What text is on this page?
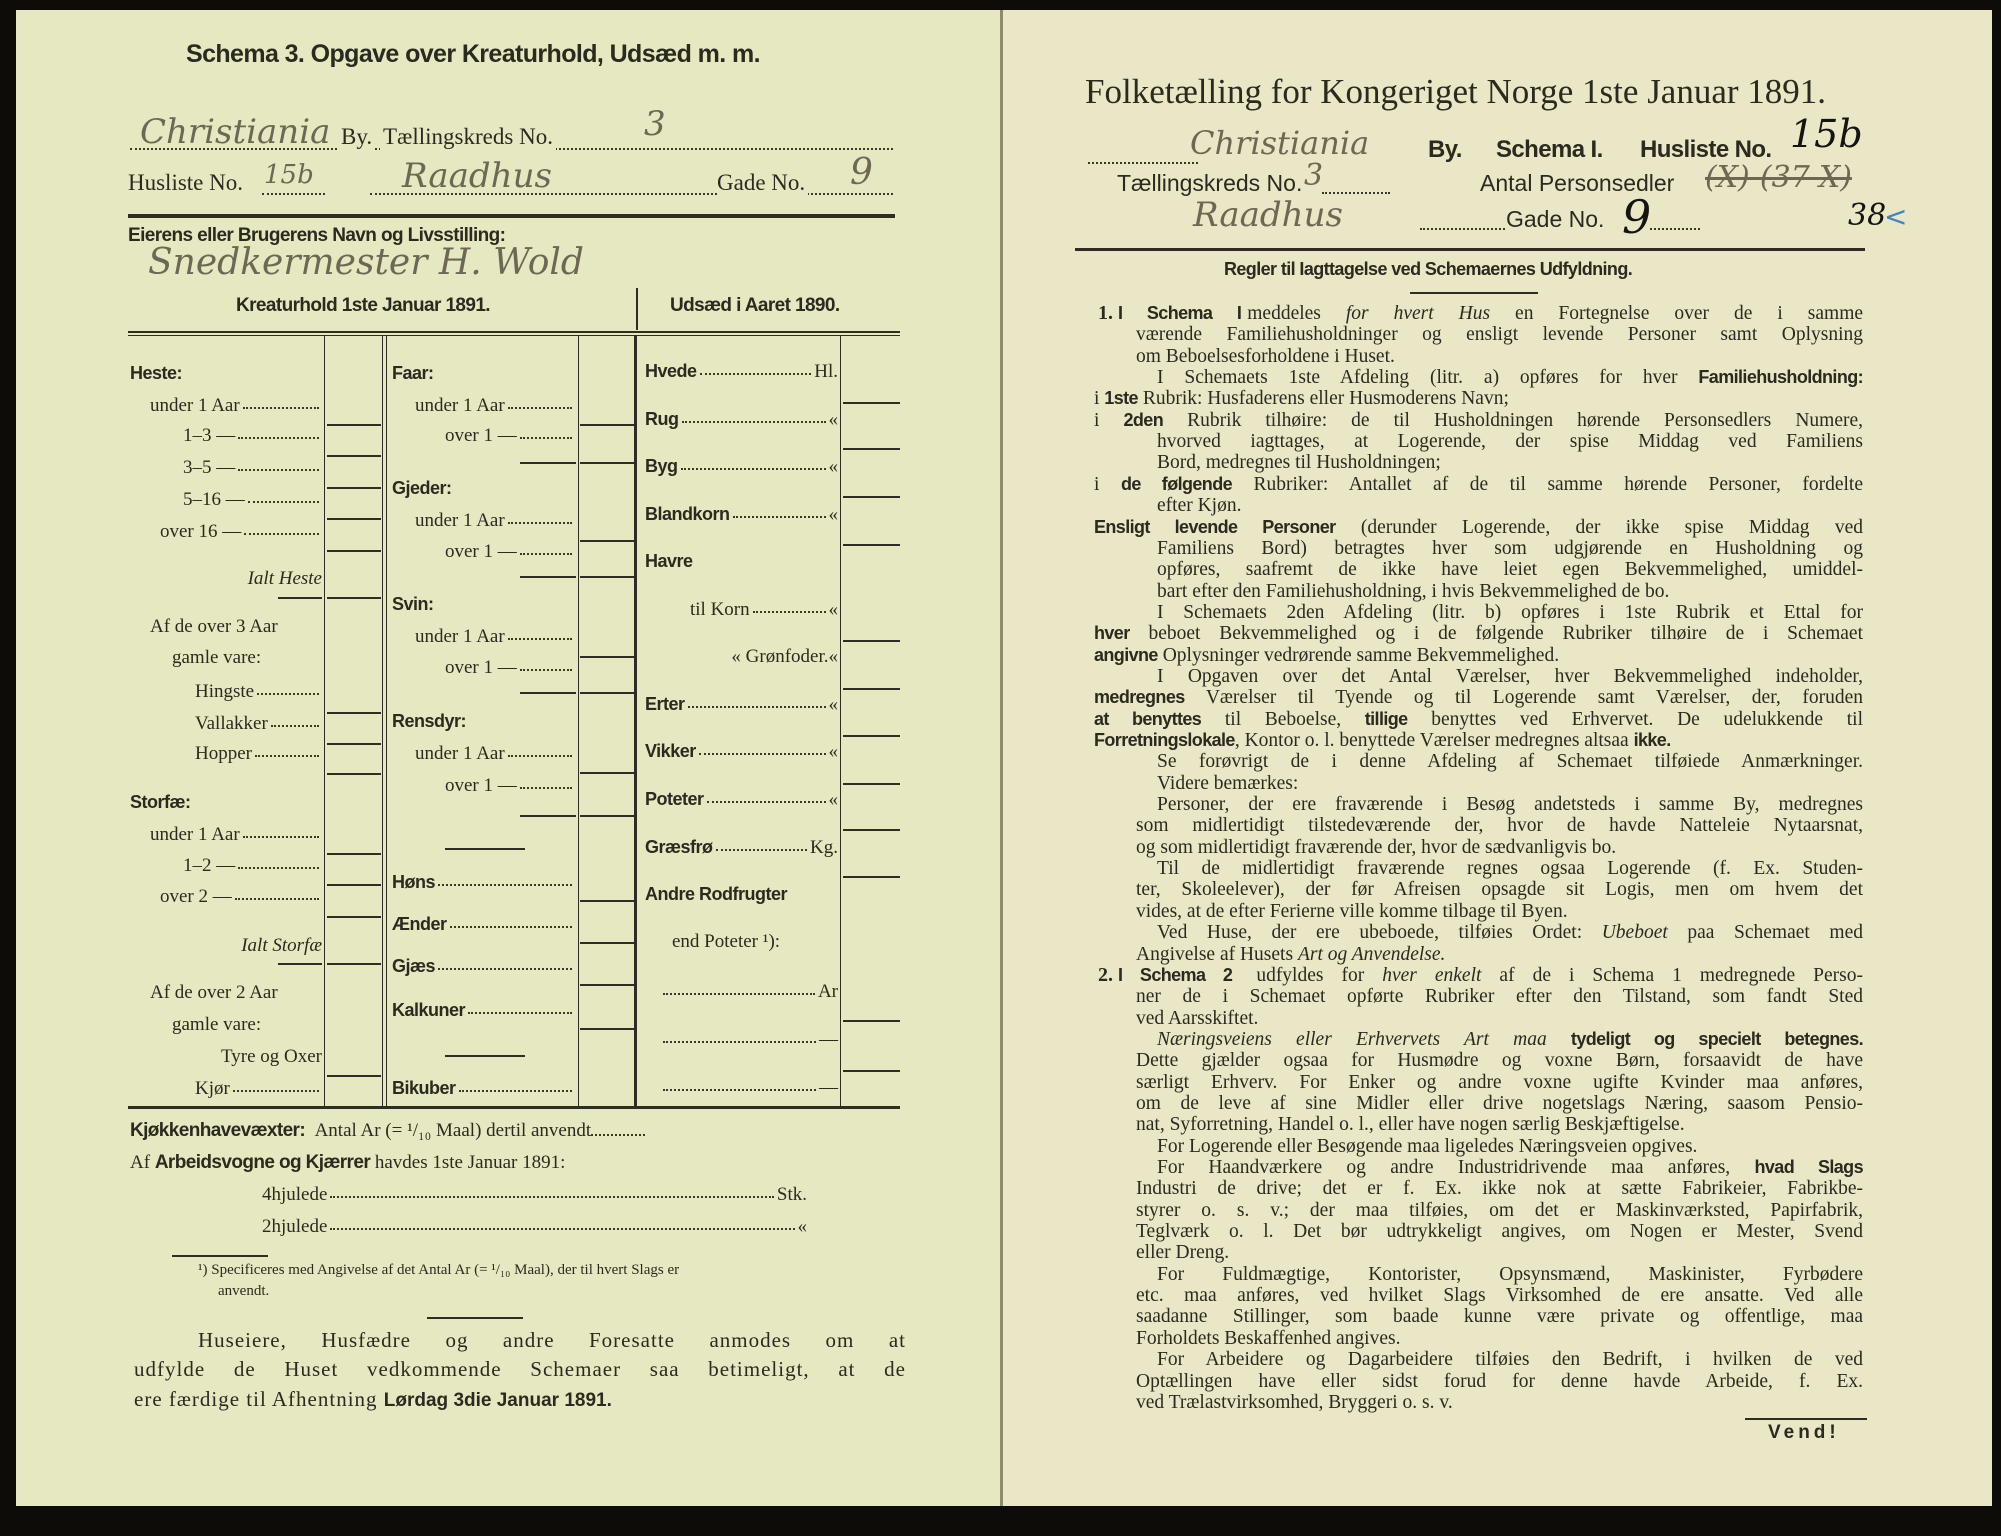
Schema 3. Opgave over Kreaturhold, Udsæd m. m.
Christiania By. Tællingskreds No.	3
Husliste No. 15b	Raadhus	Gade No. 9
Eierens eller Brugerens Navn og Livsstilling:
Snedkermester H. Wold
Kreaturhold 1ste Januar 1891.	Udsæd i Aaret 1890.
Heste:
under 1 Aar
1–3 —
3–5 —
5–16 —
over 16 —
Ialt Heste
Af de over 3 Aar
gamle vare:
Hingste
Vallakker
Hopper
Storfæ:
under 1 Aar
1–2 —
over 2 —
Ialt Storfæ
Af de over 2 Aar
gamle vare:
Tyre og Oxer
Kjør
Faar:
under 1 Aar
over 1 —
Gjeder:
under 1 Aar
over 1 —
Svin:
under 1 Aar
over 1 —
Rensdyr:
under 1 Aar
over 1 —
Høns
Ænder
Gjæs
Kalkuner
Bikuber
Hvede	Hl.
Rug	«
Byg	«
Blandkorn	«
Havre
til Korn	«
« Grønfoder. «
Erter	«
Vikker	«
Poteter	«
Græsfrø	Kg.
Andre Rodfrugter
end Poteter ¹):
Ar
—
—
Kjøkkenhavevæxter: Antal Ar (= ¹/₁₀ Maal) dertil anvendt
Af Arbeidsvogne og Kjærrer havdes 1ste Januar 1891:
4hjulede	Stk.
2hjulede	«
¹) Specificeres med Angivelse af det Antal Ar (= ¹/₁₀ Maal), der til hvert Slags er
anvendt.
Huseiere, Husfædre og andre Foresatte anmodes om at
udfylde de Huset vedkommende Schemaer saa betimeligt, at de
ere færdige til Afhentning Lørdag 3die Januar 1891.
Folketælling for Kongeriget Norge 1ste Januar 1891.
Christiania By. Schema I. Husliste No. 15b
Tællingskreds No. 3	Antal Personsedler (X)-(37-X)
Raadhus	Gade No. 9	38
<
Regler til Iagttagelse ved Schemaernes Udfyldning.
I Schema I meddeles for hvert Hus en Fortegnelse over de i samme
1.
værende Familiehusholdninger og ensligt levende Personer samt Oplysning
om Beboelsesforholdene i Huset.
I Schemaets 1ste Afdeling (litr. a) opføres for hver Familiehusholdning:
i 1ste Rubrik: Husfaderens eller Husmoderens Navn;
i 2den Rubrik tilhøire: de til Husholdningen hørende Personsedlers Numere,
hvorved iagttages, at Logerende, der spise Middag ved Familiens
Bord, medregnes til Husholdningen;
i de følgende Rubriker: Antallet af de til samme hørende Personer, fordelte
efter Kjøn.
Ensligt levende Personer (derunder Logerende, der ikke spise Middag ved
Familiens Bord) betragtes hver som udgjørende en Husholdning og
opføres, saafremt de ikke have leiet egen Bekvemmelighed, umiddel-
bart efter den Familiehusholdning, i hvis Bekvemmelighed de bo.
I Schemaets 2den Afdeling (litr. b) opføres i 1ste Rubrik et Ettal for
hver beboet Bekvemmelighed og i de følgende Rubriker tilhøire de i Schemaet
angivne Oplysninger vedrørende samme Bekvemmelighed.
I Opgaven over det Antal Værelser, hver Bekvemmelighed indeholder,
medregnes Værelser til Tyende og til Logerende samt Værelser, der, foruden
at benyttes til Beboelse, tillige benyttes ved Erhvervet. De udelukkende til
Forretningslokale, Kontor o. l. benyttede Værelser medregnes altsaa ikke.
Se forøvrigt de i denne Afdeling af Schemaet tilføiede Anmærkninger.
Videre bemærkes:
Personer, der ere fraværende i Besøg andetsteds i samme By, medregnes
som midlertidigt tilstedeværende der, hvor de havde Natteleie Nytaarsnat,
og som midlertidigt fraværende der, hvor de sædvanligvis bo.
Til de midlertidigt fraværende regnes ogsaa Logerende (f. Ex. Studen-
ter, Skoleelever), der før Afreisen opsagde sit Logis, men om hvem det
vides, at de efter Ferierne ville komme tilbage til Byen.
Ved Huse, der ere ubeboede, tilføies Ordet: Ubeboet paa Schemaet med
Angivelse af Husets Art og Anvendelse.
I Schema 2 udfyldes for hver enkelt af de i Schema 1 medregnede Perso-
2.
ner de i Schemaet opførte Rubriker efter den Tilstand, som fandt Sted
ved Aarsskiftet.
Næringsveiens eller Erhvervets Art maa tydeligt og specielt betegnes.
Dette gjælder ogsaa for Husmødre og voxne Børn, forsaavidt de have
særligt Erhverv. For Enker og andre voxne ugifte Kvinder maa anføres,
om de leve af sine Midler eller drive nogetslags Næring, saasom Pensio-
nat, Syforretning, Handel o. l., eller have nogen særlig Beskjæftigelse.
For Logerende eller Besøgende maa ligeledes Næringsveien opgives.
For Haandværkere og andre Industridrivende maa anføres, hvad Slags
Industri de drive; det er f. Ex. ikke nok at sætte Fabrikeier, Fabrikbe-
styrer o. s. v.; der maa tilføies, om det er Maskinværksted, Papirfabrik,
Teglværk o. l. Det bør udtrykkeligt angives, om Nogen er Mester, Svend
eller Dreng.
For Fuldmægtige, Kontorister, Opsynsmænd, Maskinister, Fyrbødere
etc. maa anføres, ved hvilket Slags Virksomhed de ere ansatte. Ved alle
saadanne Stillinger, som baade kunne være private og offentlige, maa
Forholdets Beskaffenhed angives.
For Arbeidere og Dagarbeidere tilføies den Bedrift, i hvilken de ved
Optællingen have eller sidst forud for denne havde Arbeide, f. Ex.
ved Trælastvirksomhed, Bryggeri o. s. v.
Vend!
